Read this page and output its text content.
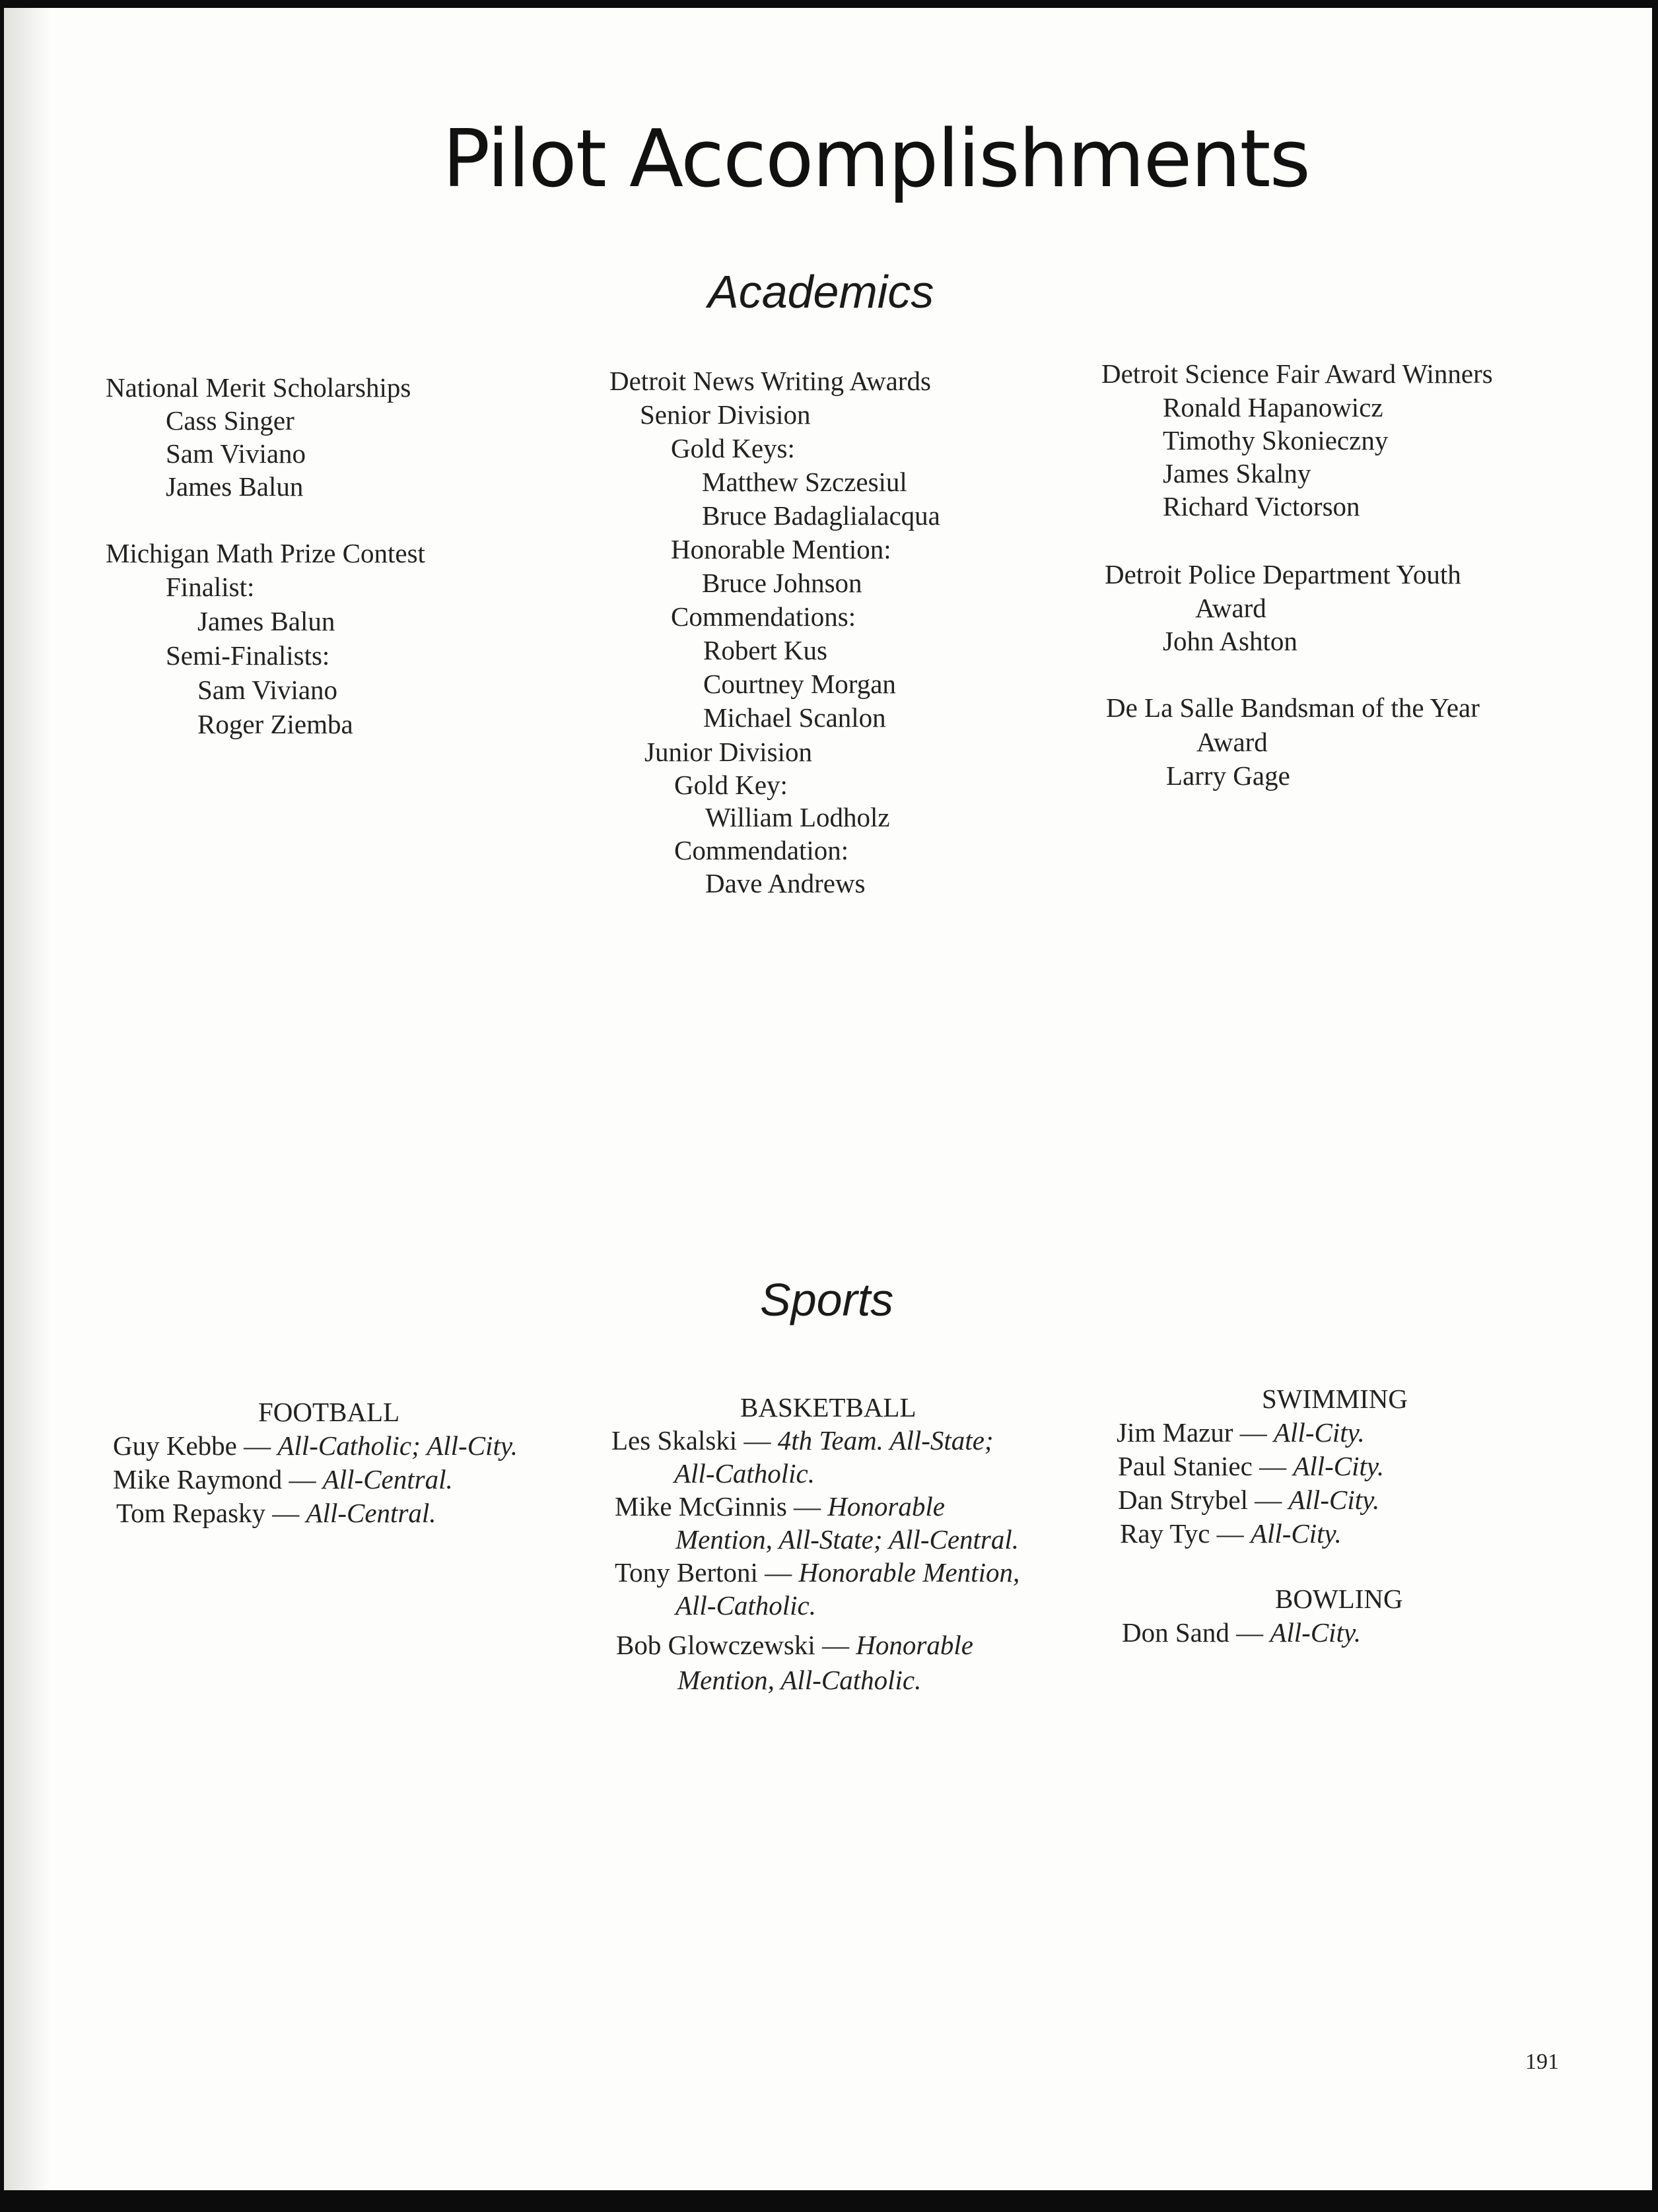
Pilot Accomplishments
Academics
National Merit Scholarships
Cass Singer
Sam Viviano
James Balun
Michigan Math Prize Contest
Finalist:
James Balun
Semi-Finalists:
Sam Viviano
Roger Ziemba
Detroit News Writing Awards
Senior Division
Gold Keys:
Matthew Szczesiul
Bruce Badaglialacqua
Honorable Mention:
Bruce Johnson
Commendations:
Robert Kus
Courtney Morgan
Michael Scanlon
Junior Division
Gold Key:
William Lodholz
Commendation:
Dave Andrews
Detroit Science Fair Award Winners
Ronald Hapanowicz
Timothy Skonieczny
James Skalny
Richard Victorson
Detroit Police Department Youth
Award
John Ashton
De La Salle Bandsman of the Year
Award
Larry Gage
Sports
FOOTBALL
Guy Kebbe — All-Catholic; All-City.
Mike Raymond — All-Central.
Tom Repasky — All-Central.
BASKETBALL
Les Skalski — 4th Team. All-State;
All-Catholic.
Mike McGinnis — Honorable
Mention, All-State; All-Central.
Tony Bertoni — Honorable Mention,
All-Catholic.
Bob Glowczewski — Honorable
Mention, All-Catholic.
SWIMMING
Jim Mazur — All-City.
Paul Staniec — All-City.
Dan Strybel — All-City.
Ray Tyc — All-City.
BOWLING
Don Sand — All-City.
191
